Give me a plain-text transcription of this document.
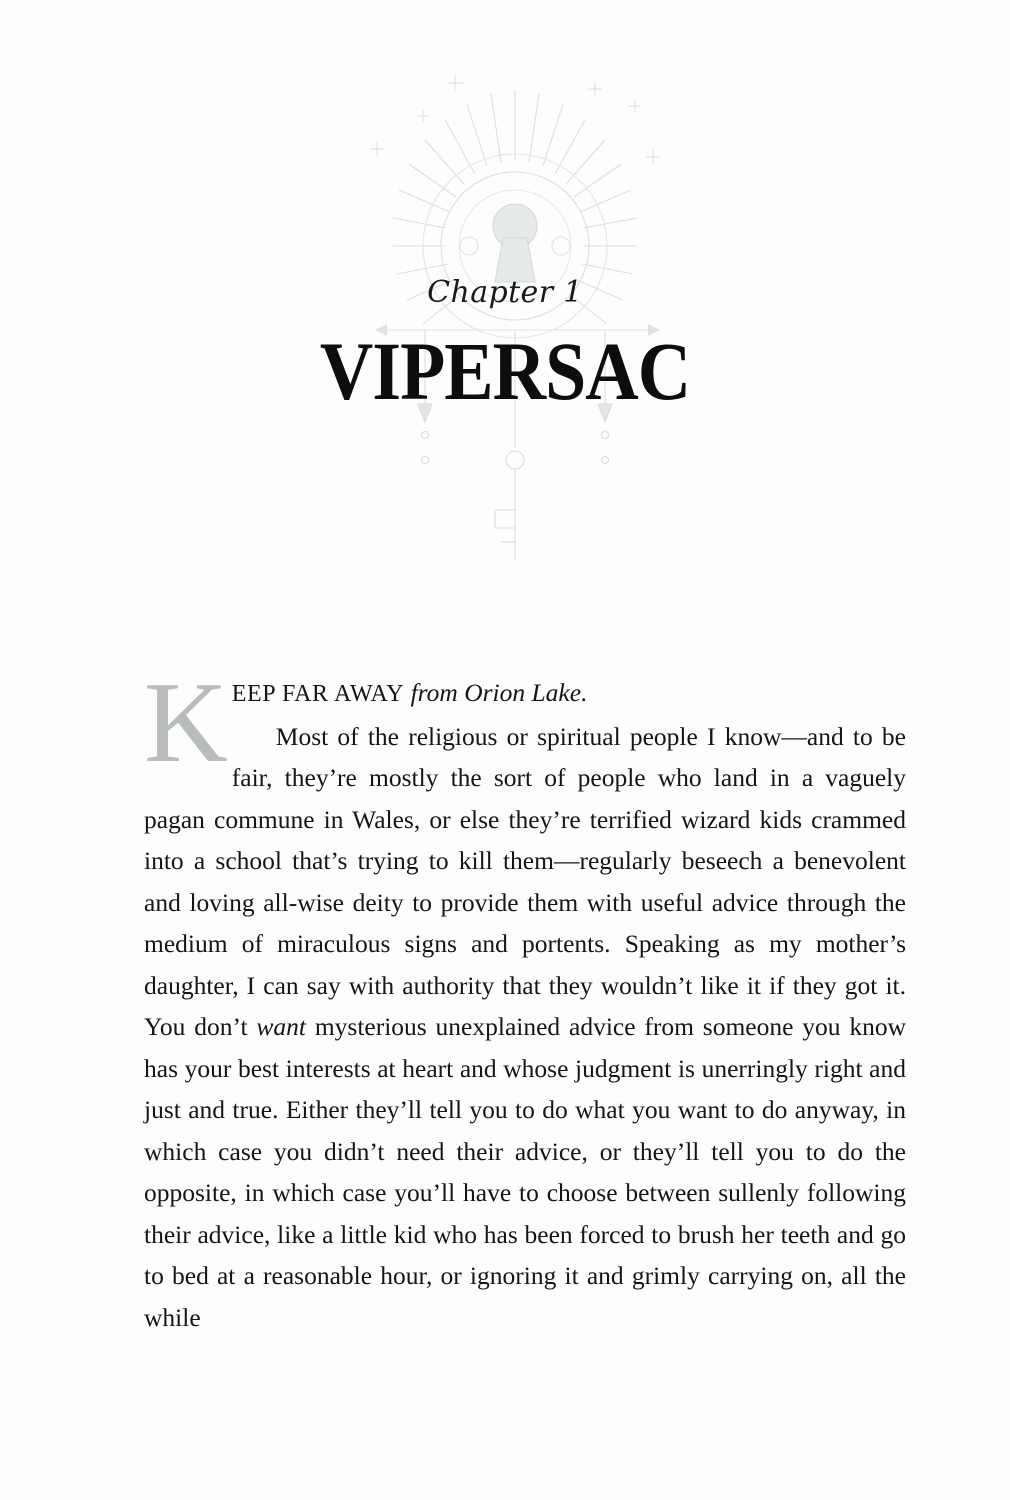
Chapter 1
VIPERSAC

KEEP FAR AWAY from Orion Lake.
Most of the religious or spiritual people I know—and to be fair, they’re mostly the sort of people who land in a vaguely pagan commune in Wales, or else they’re terrified wizard kids crammed into a school that’s trying to kill them—regularly beseech a benevolent and loving all-wise deity to provide them with useful advice through the medium of miraculous signs and portents. Speaking as my mother’s daughter, I can say with authority that they wouldn’t like it if they got it. You don’t want mysterious unexplained advice from someone you know has your best interests at heart and whose judgment is unerringly right and just and true. Either they’ll tell you to do what you want to do anyway, in which case you didn’t need their advice, or they’ll tell you to do the opposite, in which case you’ll have to choose between sullenly following their advice, like a little kid who has been forced to brush her teeth and go to bed at a reasonable hour, or ignoring it and grimly carrying on, all the while
